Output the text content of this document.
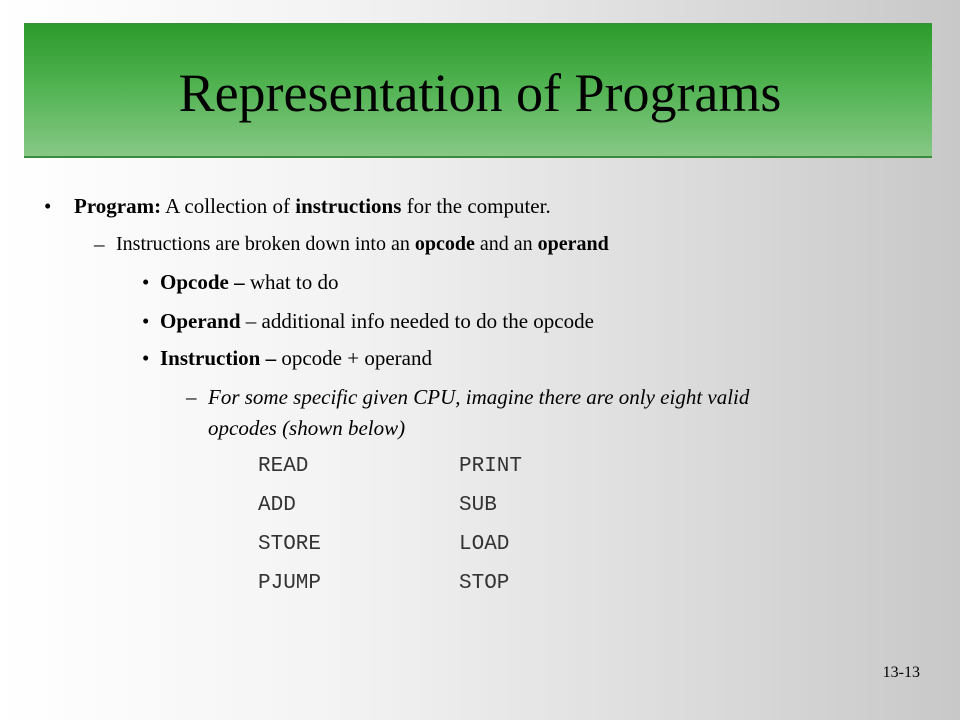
Representation of Programs
• Program: A collection of instructions for the computer.
– Instructions are broken down into an opcode and an operand
• Opcode – what to do
• Operand – additional info needed to do the opcode
• Instruction – opcode + operand
– For some specific given CPU, imagine there are only eight valid
opcodes (shown below)
READ	PRINT
ADD	SUB
STORE	LOAD
PJUMP	STOP
13-13
